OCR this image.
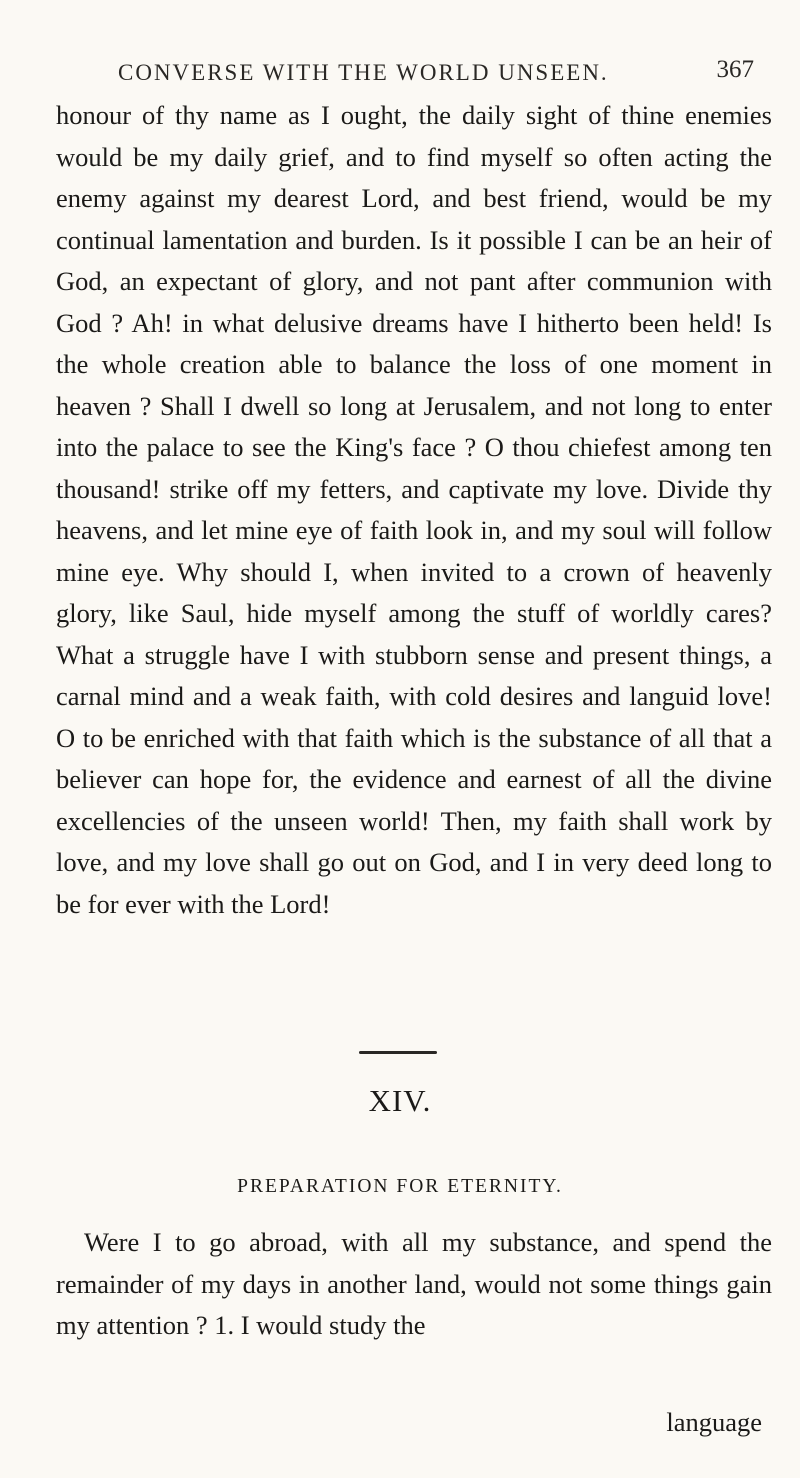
CONVERSE WITH THE WORLD UNSEEN.	367

honour of thy name as I ought, the daily sight of thine enemies would be my daily grief, and to find myself so often acting the enemy against my dearest Lord, and best friend, would be my continual lamentation and burden. Is it possible I can be an heir of God, an expectant of glory, and not pant after communion with God ? Ah! in what delusive dreams have I hitherto been held! Is the whole creation able to balance the loss of one moment in heaven ? Shall I dwell so long at Jerusalem, and not long to enter into the palace to see the King's face ? O thou chiefest among ten thousand! strike off my fetters, and captivate my love. Divide thy heavens, and let mine eye of faith look in, and my soul will follow mine eye. Why should I, when invited to a crown of heavenly glory, like Saul, hide myself among the stuff of worldly cares? What a struggle have I with stubborn sense and present things, a carnal mind and a weak faith, with cold desires and languid love! O to be enriched with that faith which is the substance of all that a believer can hope for, the evidence and earnest of all the divine excellencies of the unseen world! Then, my faith shall work by love, and my love shall go out on God, and I in very deed long to be for ever with the Lord!

XIV.
PREPARATION FOR ETERNITY.

Were I to go abroad, with all my substance, and spend the remainder of my days in another land, would not some things gain my attention ? 1. I would study the

language
